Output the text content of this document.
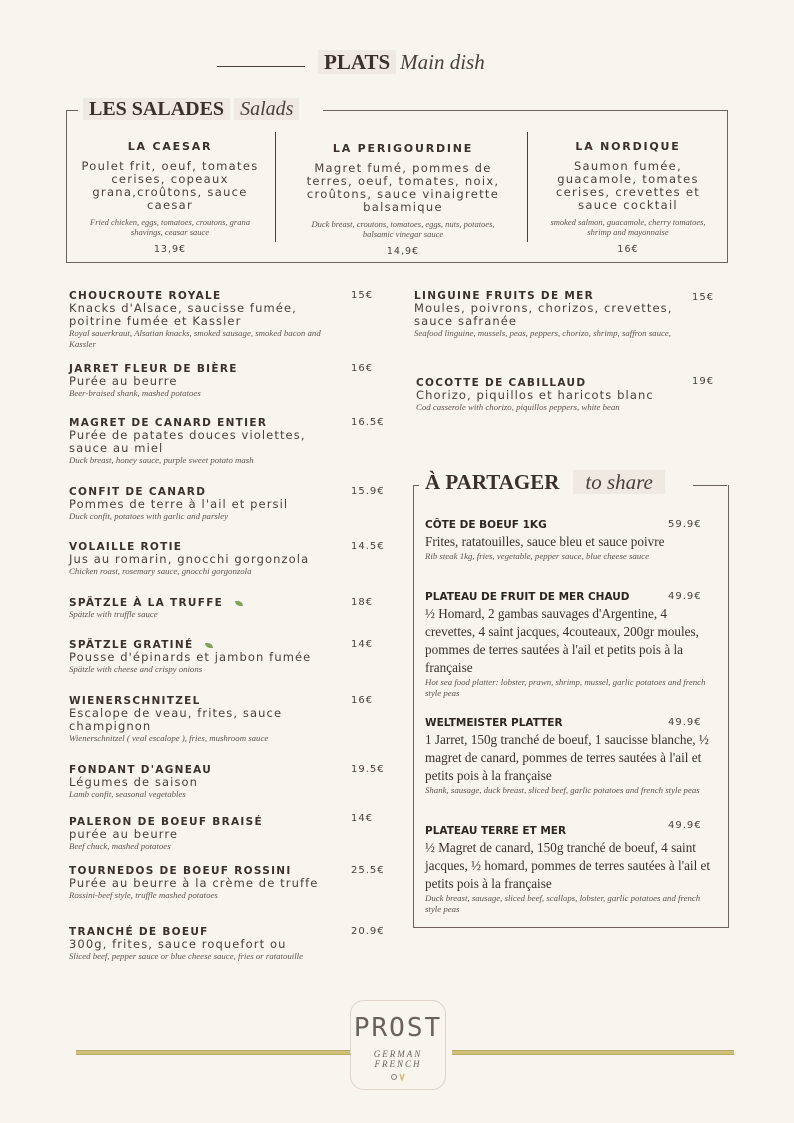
PLATS Main dish
LES SALADES Salads
LA CAESAR
Poulet frit, oeuf, tomates cerises, copeaux grana,croûtons, sauce caesar
Fried chicken, eggs, tomatoes, croutons, grana shavings, ceasar sauce
13,9€
LA PERIGOURDINE
Magret fumé, pommes de terres, oeuf, tomates, noix, croûtons, sauce vinaigrette balsamique
Duck breast, croutons, tomatoes, eggs, nuts, potatoes, balsamic vinegar sauce
14,9€
LA NORDIQUE
Saumon fumée, guacamole, tomates cerises, crevettes et sauce cocktail
smoked salmon, guacamole, cherry tomatoes, shrimp and mayonnaise
16€
CHOUCROUTE ROYALE
Knacks d'Alsace, saucisse fumée, poitrine fumée et Kassler
Royal sauerkraut, Alsatian knacks, smoked sausage, smoked bacon and Kassler
15€
JARRET FLEUR DE BIÈRE
Purée au beurre
Beer-braised shank, mashed potatoes
16€
MAGRET DE CANARD ENTIER
Purée de patates douces violettes, sauce au miel
Duck breast, honey sauce, purple sweet potato mash
16.5€
CONFIT DE CANARD
Pommes de terre à l'ail et persil
Duck confit, potatoes with garlic and parsley
15.9€
VOLAILLE ROTIE
Jus au romarin, gnocchi gorgonzola
Chicken roast, rosemary sauce, gnocchi gorgonzola
14.5€
SPÄTZLE À LA TRUFFE
Spätzle with truffle sauce
18€
SPÄTZLE GRATINÉ
Pousse d'épinards et jambon fumée
Spätzle with cheese and crispy onions
14€
WIENERSCHNITZEL
Escalope de veau, frites, sauce champignon
Wienerschnitzel ( veal escalope ), fries, mushroom sauce
16€
FONDANT D'AGNEAU
Légumes de saison
Lamb confit, seasonal vegetables
19.5€
PALERON DE BOEUF BRAISÉ
purée au beurre
Beef chuck, mashed potatoes
14€
TOURNEDOS DE BOEUF ROSSINI
Purée au beurre à la crème de truffe
Rossini-beef style, truffle mashed potatoes
25.5€
TRANCHÉ DE BOEUF
300g, frites, sauce roquefort ou
Sliced beef, pepper sauce or blue cheese sauce, fries or ratatouille
20.9€
LINGUINE FRUITS DE MER
Moules, poivrons, chorizos, crevettes, sauce safranée
Seafood linguine, mussels, peas, peppers, chorizo, shrimp, saffron sauce,
15€
COCOTTE DE CABILLAUD
Chorizo, piquillos et haricots blanc
Cod casserole with chorizo, piquillos peppers, white bean
19€
À PARTAGER to share
CÔTE DE BOEUF 1KG
Frites, ratatouilles, sauce bleu et sauce poivre
Rib steak 1kg, fries, vegetable, pepper sauce, blue cheese sauce
59.9€
PLATEAU DE FRUIT DE MER CHAUD
½ Homard, 2 gambas sauvages d'Argentine, 4 crevettes, 4 saint jacques, 4couteaux, 200gr moules, pommes de terres sautées à l'ail et petits pois à la française
Hot sea food platter: lobster, prawn, shrimp, mussel, garlic potatoes and french style peas
49.9€
WELTMEISTER PLATTER
1 Jarret, 150g tranché de boeuf, 1 saucisse blanche, ½ magret de canard, pommes de terres sautées à l'ail et petits pois à la française
Shank, sausage, duck breast, sliced beef, garlic potatoes and french style peas
49.9€
PLATEAU TERRE ET MER
½ Magret de canard, 150g tranché de boeuf, 4 saint jacques, ½ homard, pommes de terres sautées à l'ail et petits pois à la française
Duck breast, sausage, sliced beef, scallops, lobster, garlic potatoes and french style peas
49.9€
PROST
GERMAN FRENCH
